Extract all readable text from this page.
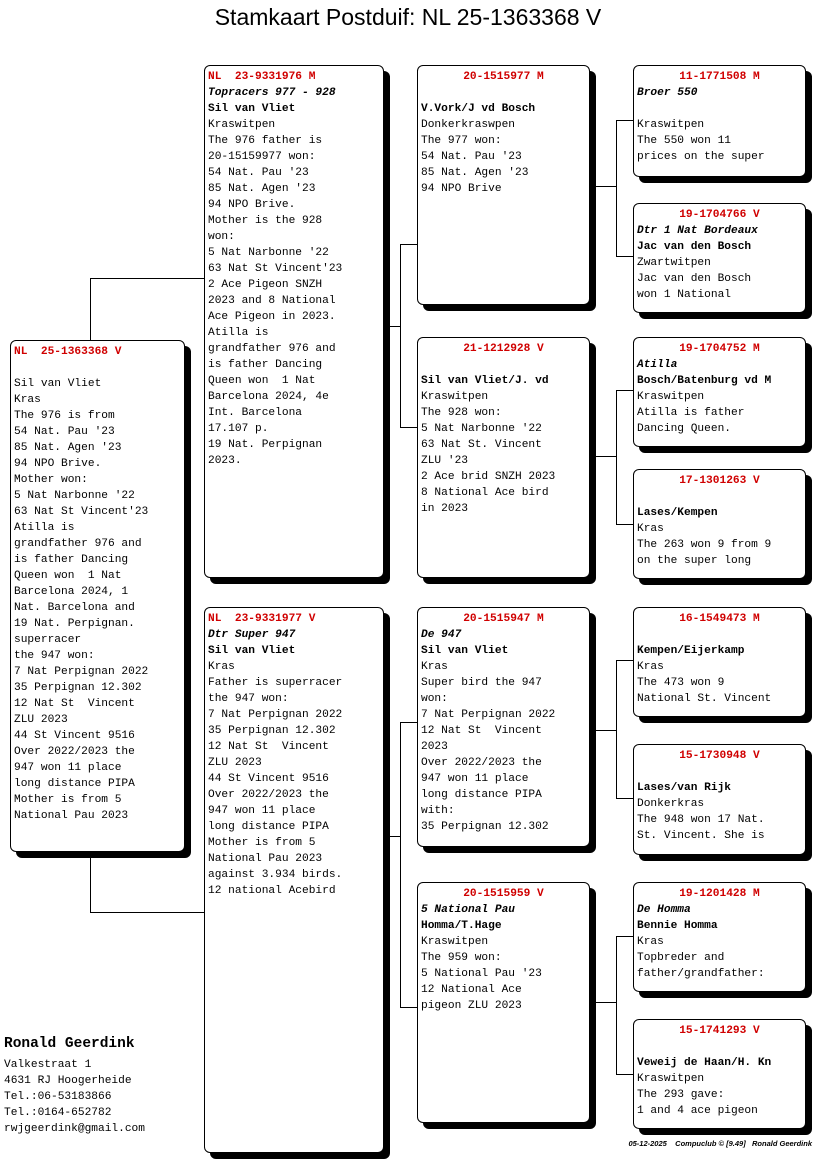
Stamkaart Postduif: NL 25-1363368 V
NL  25-1363368 V
Sil van Vliet
Kras
The 976 is from
54 Nat. Pau '23
85 Nat. Agen '23
94 NPO Brive.
Mother won:
5 Nat Narbonne '22
63 Nat St Vincent'23
Atilla is
grandfather 976 and
is father Dancing
Queen won  1 Nat
Barcelona 2024, 1
Nat. Barcelona and
19 Nat. Perpignan.
superracer
the 947 won:
7 Nat Perpignan 2022
35 Perpignan 12.302
12 Nat St  Vincent
ZLU 2023
44 St Vincent 9516
Over 2022/2023 the
947 won 11 place
long distance PIPA
Mother is from 5
National Pau 2023
NL  23-9331976 M
Topracers 977 - 928
Sil van Vliet
Kraswitpen
The 976 father is
20-15159977 won:
54 Nat. Pau '23
85 Nat. Agen '23
94 NPO Brive.
Mother is the 928
won:
5 Nat Narbonne '22
63 Nat St Vincent'23
2 Ace Pigeon SNZH
2023 and 8 National
Ace Pigeon in 2023.
Atilla is
grandfather 976 and
is father Dancing
Queen won  1 Nat
Barcelona 2024, 4e
Int. Barcelona
17.107 p.
19 Nat. Perpignan
2023.
NL  23-9331977 V
Dtr Super 947
Sil van Vliet
Kras
Father is superracer
the 947 won:
7 Nat Perpignan 2022
35 Perpignan 12.302
12 Nat St  Vincent
ZLU 2023
44 St Vincent 9516
Over 2022/2023 the
947 won 11 place
long distance PIPA
Mother is from 5
National Pau 2023
against 3.934 birds.
12 national Acebird
20-1515977 M
V.Vork/J vd Bosch
Donkerkraswpen
The 977 won:
54 Nat. Pau '23
85 Nat. Agen '23
94 NPO Brive
21-1212928 V
Sil van Vliet/J. vd
Kraswitpen
The 928 won:
5 Nat Narbonne '22
63 Nat St. Vincent
ZLU '23
2 Ace brid SNZH 2023
8 National Ace bird
in 2023
20-1515947 M
De 947
Sil van Vliet
Kras
Super bird the 947
won:
7 Nat Perpignan 2022
12 Nat St  Vincent
2023
Over 2022/2023 the
947 won 11 place
long distance PIPA
with:
35 Perpignan 12.302
20-1515959 V
5 National Pau
Homma/T.Hage
Kraswitpen
The 959 won:
5 National Pau '23
12 National Ace
pigeon ZLU 2023
11-1771508 M
Broer 550
Kraswitpen
The 550 won 11
prices on the super
19-1704766 V
Dtr 1 Nat Bordeaux
Jac van den Bosch
Zwartwitpen
Jac van den Bosch
won 1 National
19-1704752 M
Atilla
Bosch/Batenburg vd M
Kraswitpen
Atilla is father
Dancing Queen.
17-1301263 V
Lases/Kempen
Kras
The 263 won 9 from 9
on the super long
16-1549473 M
Kempen/Eijerkamp
Kras
The 473 won 9
National St. Vincent
15-1730948 V
Lases/van Rijk
Donkerkras
The 948 won 17 Nat.
St. Vincent. She is
19-1201428 M
De Homma
Bennie Homma
Kras
Topbreder and
father/grandfather:
15-1741293 V
Veweij de Haan/H. Kn
Kraswitpen
The 293 gave:
1 and 4 ace pigeon
Ronald Geerdink
Valkestraat 1
4631 RJ Hoogerheide
Tel.:06-53183866
Tel.:0164-652782
rwjgeerdink@gmail.com
05-12-2025 Compuclub © [9.49] Ronald Geerdink
